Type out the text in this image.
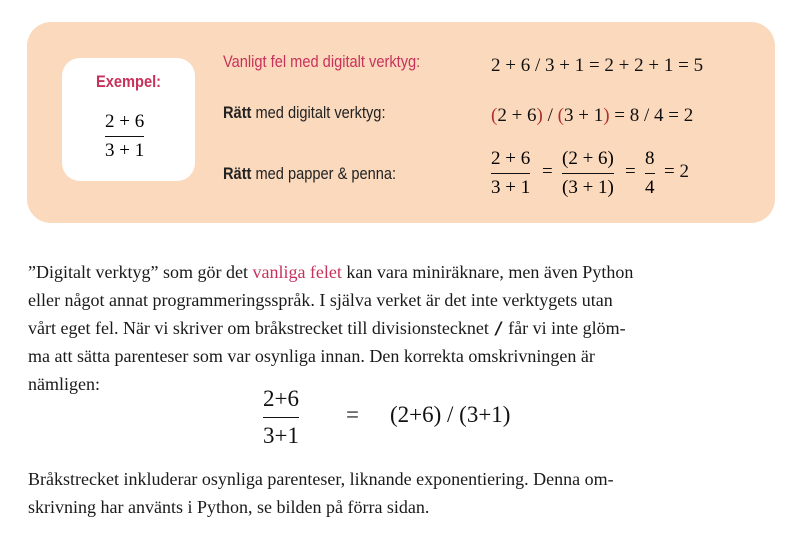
Exempel:
2 + 6
3 + 1
Vanligt fel med digitalt verktyg:	2 + 6 / 3 + 1 = 2 + 2 + 1 = 5
Rätt med digitalt verktyg:	(2 + 6) / (3 + 1) = 8 / 4 = 2
Rätt med papper & penna:
2 + 6
3 + 1
=
(2 + 6)
(3 + 1)
=
8
4
= 2
”Digitalt verktyg” som gör det vanliga felet kan vara miniräknare, men även Python
eller något annat programmeringsspråk. I själva verket är det inte verktygets utan
vårt eget fel. När vi skriver om bråkstrecket till divisionstecknet / får vi inte glöm-
ma att sätta parenteser som var osynliga innan. Den korrekta omskrivningen är
nämligen:
2+6
3+1
= (2+6) / (3+1)
Bråkstrecket inkluderar osynliga parenteser, liknande exponentiering. Denna om-
skrivning har använts i Python, se bilden på förra sidan.
